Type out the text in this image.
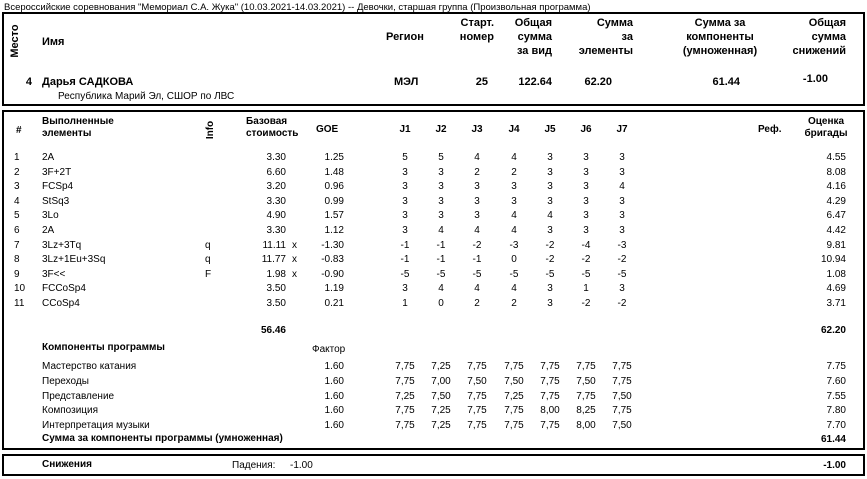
Всероссийские соревнования "Мемориал С.А. Жука" (10.03.2021-14.03.2021) -- Девочки, старшая группа (Произвольная программа)
Место Имя	Регион
Старт.
номер
Общая
сумма
за вид
Сумма
за
элементы
Сумма за
компоненты
(умноженная)
Общая
сумма
снижений
4 Дарья САДКОВА
Республика Марий Эл, СШОР по ЛВС
МЭЛ	25	122.64	62.20	61.44	-1.00
#
Выполненные
элементы	Info	Базовая
стоимость GOE	J1	J2	J3	J4	J5	J6	J7	Реф.
Оценка
бригады
1	2A	3.30	1.25	5	5	4	4	3	3	3	4.55
2	3F+2T	6.60	1.48	3	3	2	2	3	3	3	8.08
3	FCSp4	3.20	0.96	3	3	3	3	3	3	4	4.16
4	StSq3	3.30	0.99	3	3	3	3	3	3	3	4.29
5	3Lo	4.90	1.57	3	3	3	4	4	3	3	6.47
6	2A	3.30	1.12	3	4	4	4	3	3	3	4.42
7	3Lz+3Tq	q	11.11 x	-1.30	-1	-1	-2	-3	-2	-4	-3	9.81
8	3Lz+1Eu+3Sq	q	11.77 x	-0.83	-1	-1	-1	0	-2	-2	-2	10.94
9	3F<<	F	1.98 x	-0.90	-5	-5	-5	-5	-5	-5	-5	1.08
10 FCCoSp4	3.50	1.19	3	4	4	4	3	1	3	4.69
11	CCoSp4	3.50	0.21	1	0	2	2	3	-2	-2	3.71
56.46	62.20
Компоненты программы	Фактор
Мастерство катания	1.60	7,75	7,25	7,75	7,75	7,75	7,75	7,75	7.75
Переходы	1.60	7,75	7,00	7,50	7,50	7,75	7,50	7,75	7.60
Представление	1.60	7,25	7,50	7,75	7,25	7,75	7,75	7,50	7.55
Композиция	1.60	7,75	7,25	7,75	7,75	8,00	8,25	7,75	7.80
Интерпретация музыки	1.60	7,75	7,25	7,75	7,75	7,75	8,00	7,50	7.70
Сумма за компоненты программы (умноженная)	61.44
Снижения	Падения: -1.00	-1.00
